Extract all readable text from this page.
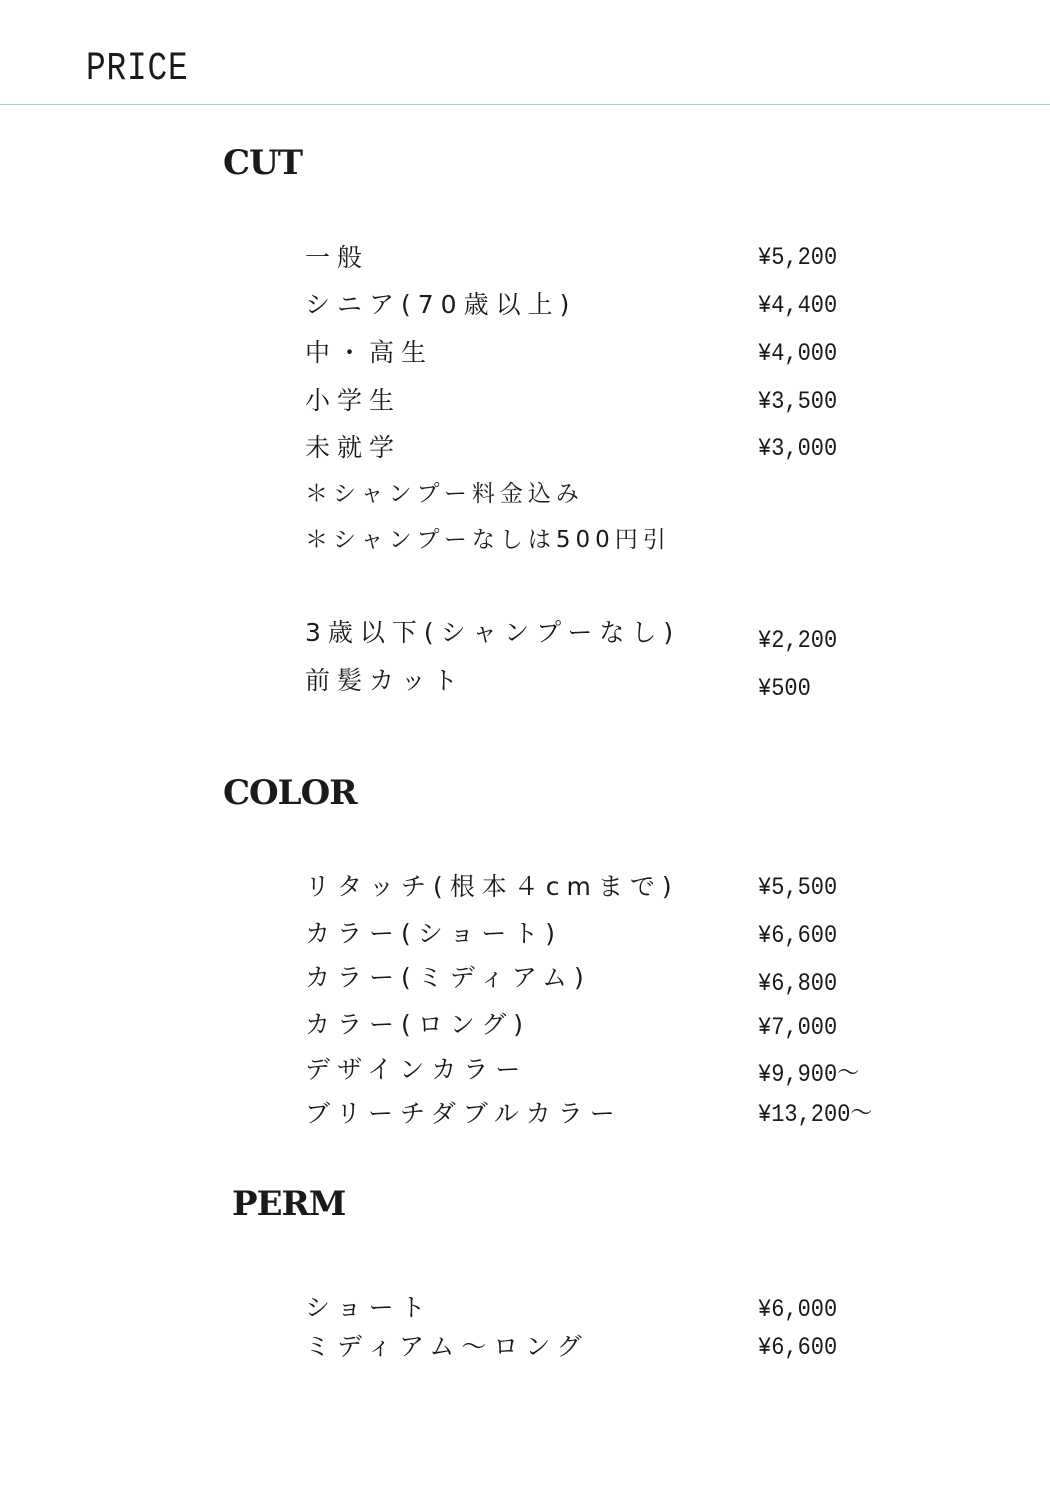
PRICE
CUT
一般	¥5,200
シニア(70歳以上)	¥4,400
中・高生	¥4,000
小学生	¥3,500
未就学	¥3,000
＊シャンプー料金込み
＊シャンプーなしは500円引
3歳以下(シャンプーなし)	¥2,200
前髪カット	¥500
COLOR
リタッチ(根本４cmまで)	¥5,500
カラー(ショート)	¥6,600
カラー(ミディアム)	¥6,800
カラー(ロング)	¥7,000
デザインカラー	¥9,900～
ブリーチダブルカラー	¥13,200～
PERM
ショート	¥6,000
ミディアム～ロング	¥6,600
